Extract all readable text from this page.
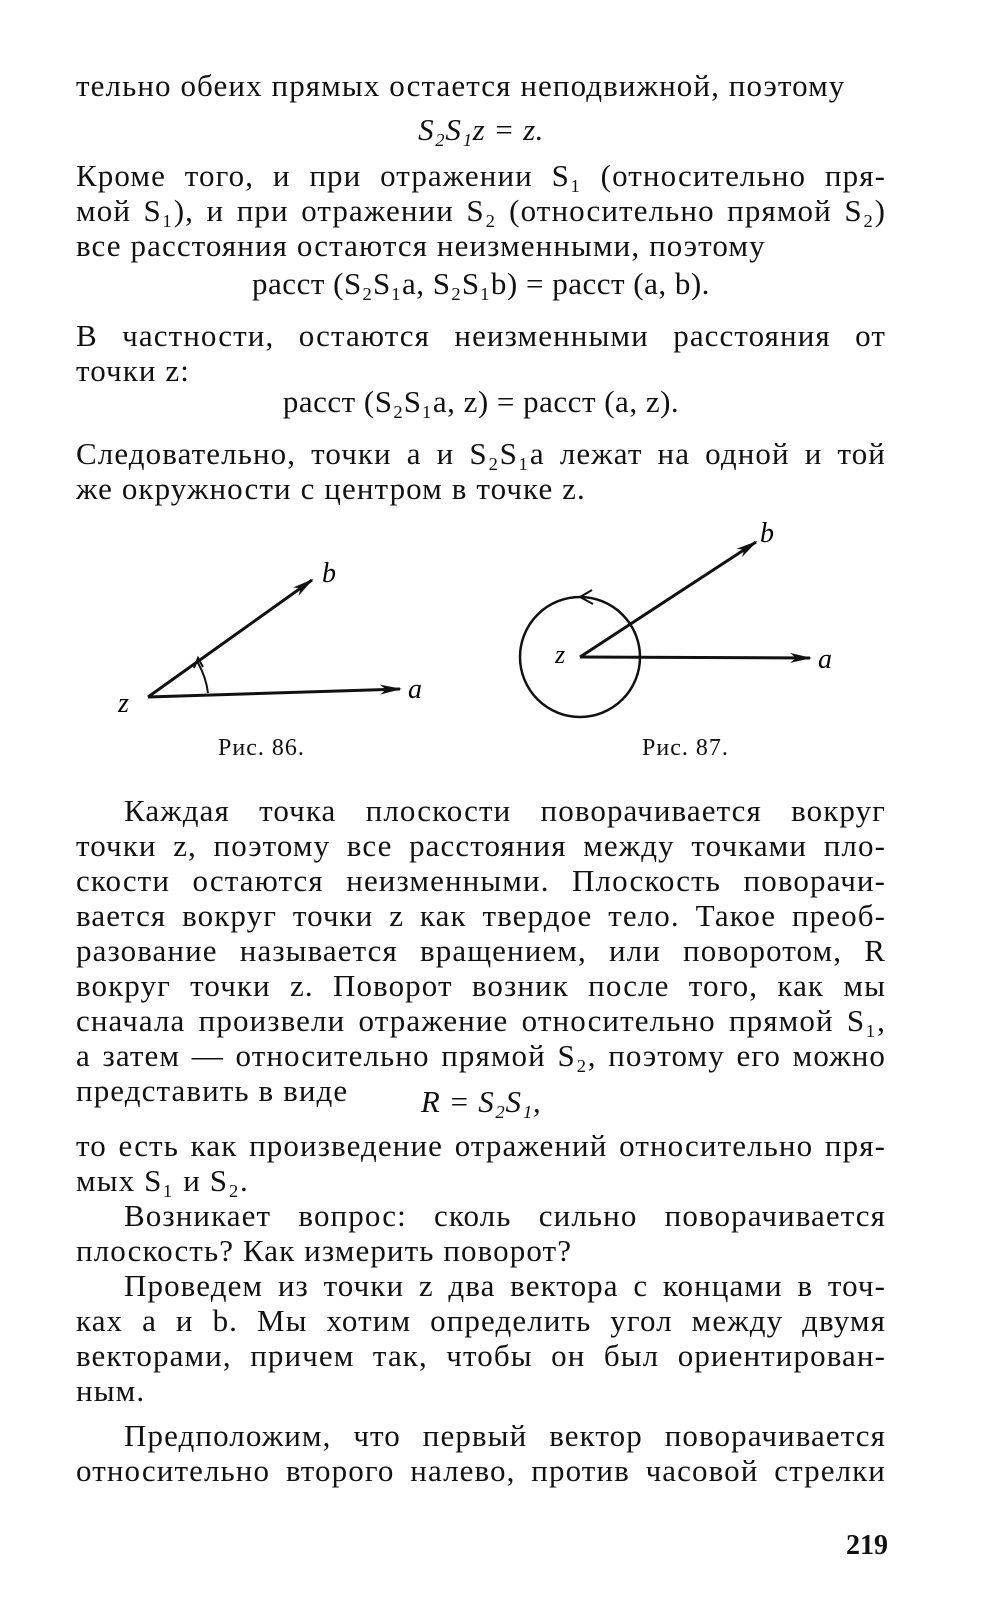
тельно обеих прямых остается неподвижной, поэтому
S₂S₁z = z.
Кроме того, и при отражении S₁ (относительно пря-
мой S₁), и при отражении S₂ (относительно прямой S₂)
все расстояния остаются неизменными, поэтому
расст (S₂S₁a, S₂S₁b) = расст (a, b).
В частности, остаются неизменными расстояния от
точки z:
расст (S₂S₁a, z) = расст (a, z).
Следовательно, точки a и S₂S₁a лежат на одной и той
же окружности с центром в точке z.
z	a
b
Рис. 86.
z	a
b
Рис. 87.
Каждая точка плоскости поворачивается вокруг
точки z, поэтому все расстояния между точками пло-
скости остаются неизменными. Плоскость поворачи-
вается вокруг точки z как твердое тело. Такое преоб-
разование называется вращением, или поворотом, R
вокруг точки z. Поворот возник после того, как мы
сначала произвели отражение относительно прямой S₁,
а затем — относительно прямой S₂, поэтому его можно
представить в виде	R = S₂S₁,
то есть как произведение отражений относительно пря-
мых S₁ и S₂.
Возникает вопрос: сколь сильно поворачивается
плоскость? Как измерить поворот?
Проведем из точки z два вектора с концами в точ-
ках a и b. Мы хотим определить угол между двумя
векторами, причем так, чтобы он был ориентирован-
ным.
Предположим, что первый вектор поворачивается
относительно второго налево, против часовой стрелки
219
